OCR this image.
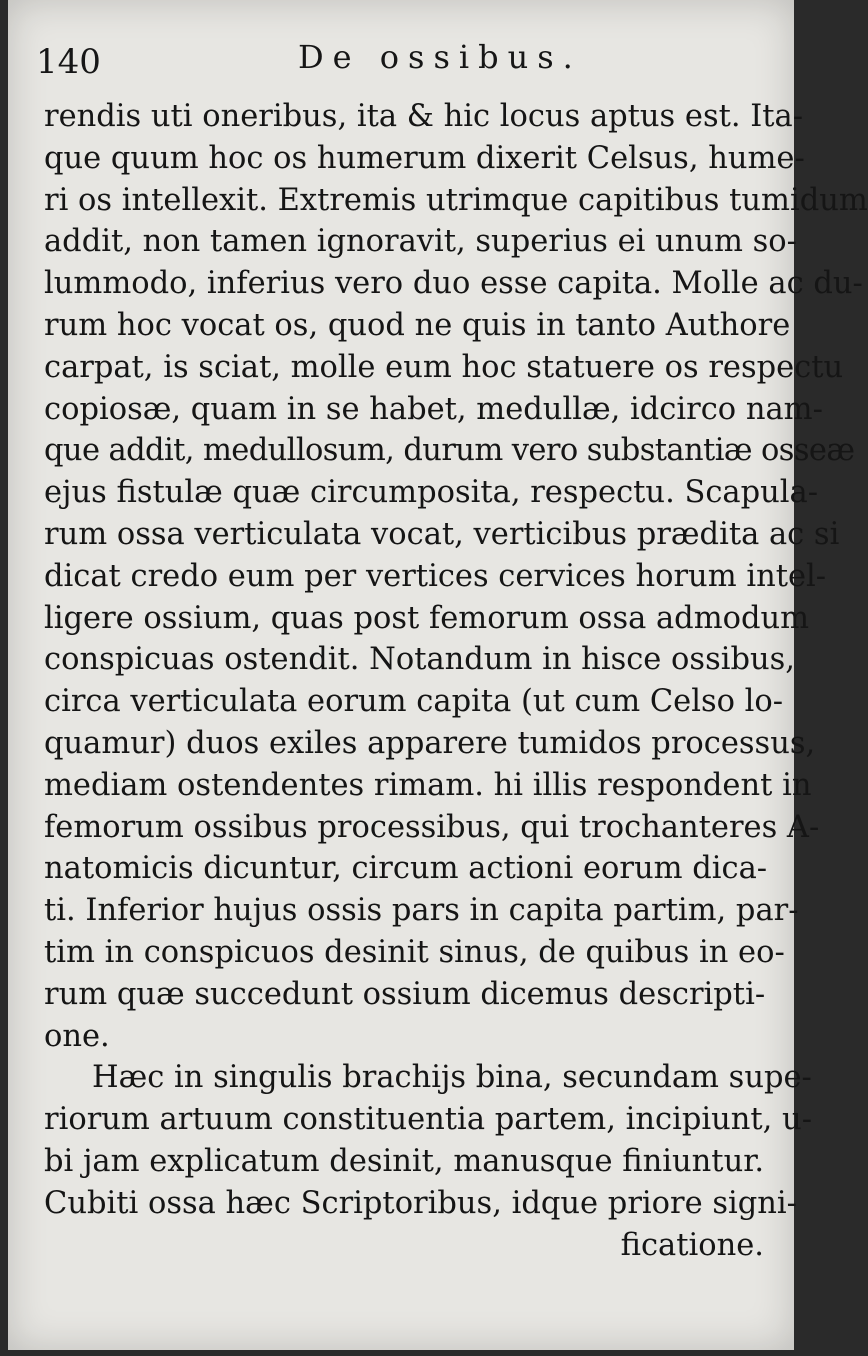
140	De ossibus.
rendis uti oneribus, ita & hic locus aptus est. Ita-
que quum hoc os humerum dixerit Celsus, hume-
ri os intellexit. Extremis utrimque capitibus tumidum
addit, non tamen ignoravit, superius ei unum so-
lummodo, inferius vero duo esse capita. Molle ac du-
rum hoc vocat os, quod ne quis in tanto Authore
carpat, is sciat, molle eum hoc statuere os respectu
copiosæ, quam in se habet, medullæ, idcirco nam-
que addit, medullosum, durum vero substantiæ osseæ
ejus fistulæ quæ circumposita, respectu. Scapula-
rum ossa verticulata vocat, verticibus prædita ac si
dicat credo eum per vertices cervices horum intel-
ligere ossium, quas post femorum ossa admodum
conspicuas ostendit. Notandum in hisce ossibus,
circa verticulata eorum capita (ut cum Celso lo-
quamur) duos exiles apparere tumidos processus,
mediam ostendentes rimam. hi illis respondent in
femorum ossibus processibus, qui trochanteres A-
natomicis dicuntur, circum actioni eorum dica-
ti. Inferior hujus ossis pars in capita partim, par-
tim in conspicuos desinit sinus, de quibus in eo-
rum quæ succedunt ossium dicemus descripti-
one.
Hæc in singulis brachijs bina, secundam supe-
riorum artuum constituentia partem, incipiunt, u-
bi jam explicatum desinit, manusque finiuntur.
Cubiti ossa hæc Scriptoribus, idque priore signi-
ficatione.
